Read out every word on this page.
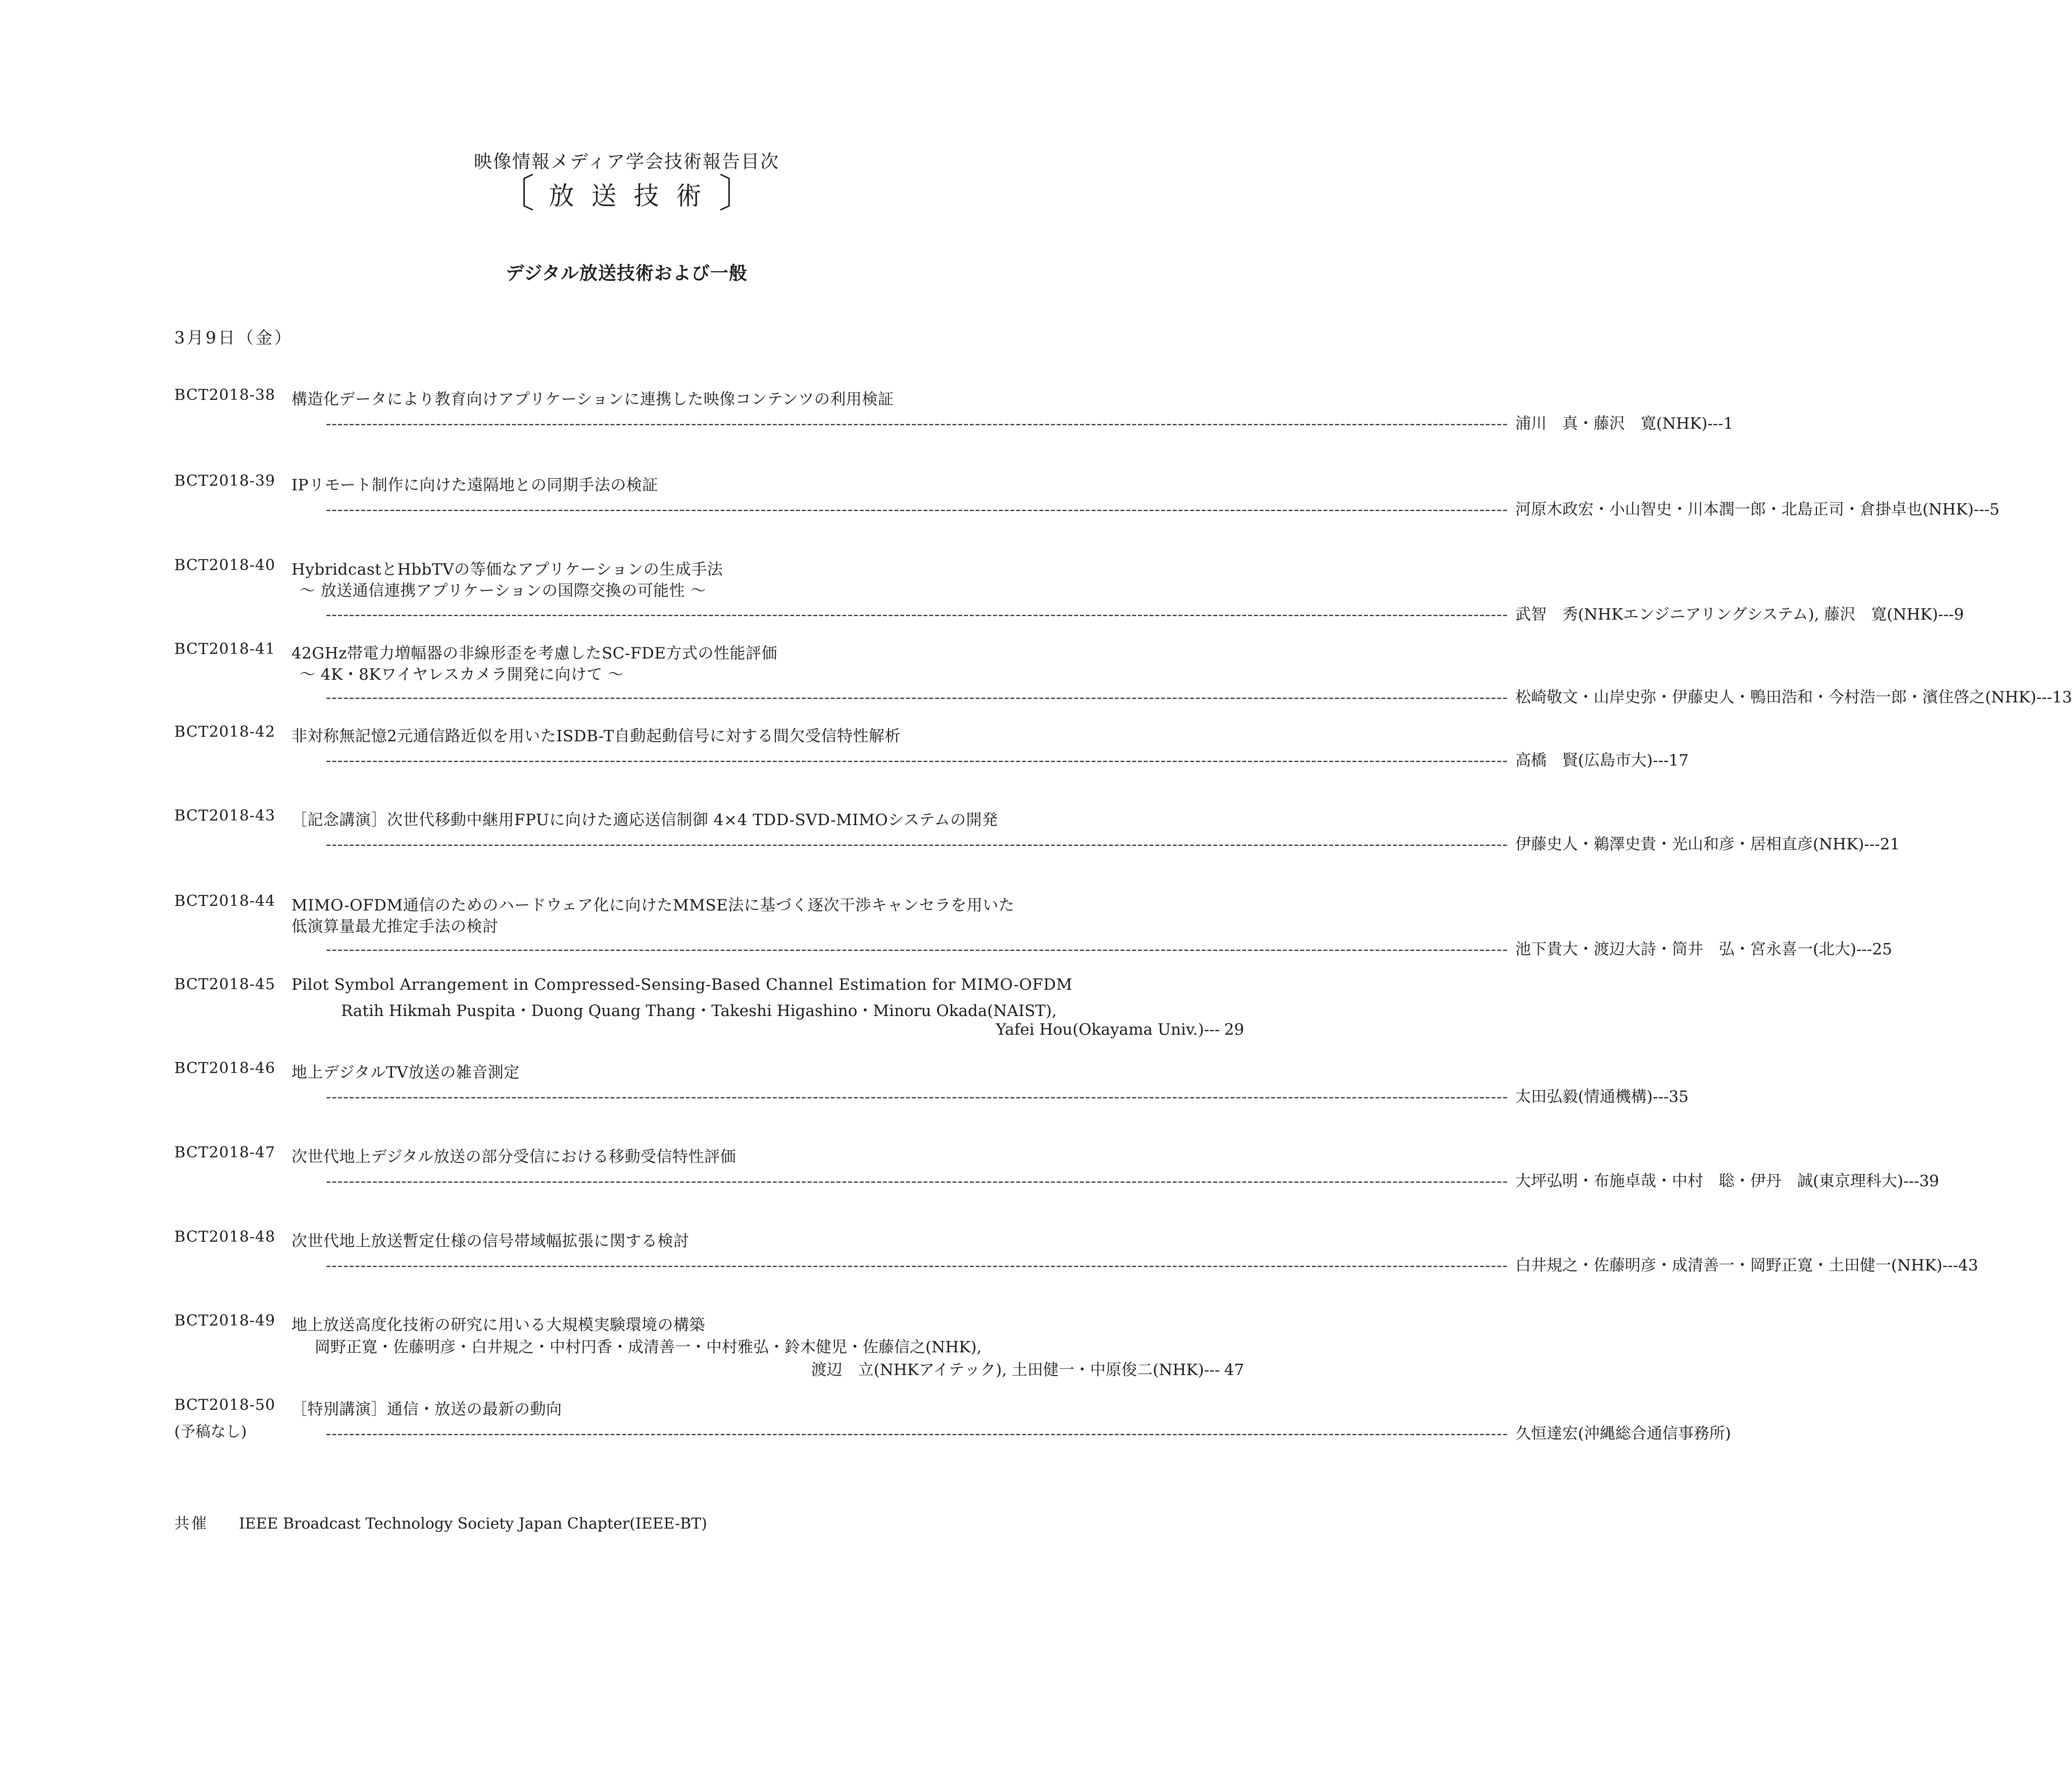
映像情報メディア学会技術報告目次
〔 放送技術〕
デジタル放送技術および一般
3月9日（金）
BCT2018-38 構造化データにより教育向けアプリケーションに連携した映像コンテンツの利用検証
------------------------------------------------------------------------------------------------------------------------------------------------------------------------------------------------------------ 浦川　真・藤沢　寛(NHK) --- 1
BCT2018-39 IPリモート制作に向けた遠隔地との同期手法の検証
------------------------------------------------------------------------------------------------------------------------------------------------------------------------------------------------------------ 河原木政宏・小山智史・川本潤一郎・北島正司・倉掛卓也(NHK) --- 5
BCT2018-40 HybridcastとHbbTVの等価なアプリケーションの生成手法
～ 放送通信連携アプリケーションの国際交換の可能性 ～
------------------------------------------------------------------------------------------------------------------------------------------------------------------------------------------------------------ 武智　秀(NHKエンジニアリングシステム), 藤沢　寛(NHK) --- 9
BCT2018-41 42GHz帯電力増幅器の非線形歪を考慮したSC-FDE方式の性能評価
～ 4K・8Kワイヤレスカメラ開発に向けて ～
------------------------------------------------------------------------------------------------------------------------------------------------------------------------------------------------------------ 松崎敬文・山岸史弥・伊藤史人・鴨田浩和・今村浩一郎・濱住啓之(NHK) --- 13
BCT2018-42 非対称無記憶2元通信路近似を用いたISDB-T自動起動信号に対する間欠受信特性解析
------------------------------------------------------------------------------------------------------------------------------------------------------------------------------------------------------------ 高橋　賢(広島市大) --- 17
BCT2018-43 ［記念講演］次世代移動中継用FPUに向けた適応送信制御 4×4 TDD-SVD-MIMOシステムの開発
------------------------------------------------------------------------------------------------------------------------------------------------------------------------------------------------------------ 伊藤史人・鵜澤史貴・光山和彦・居相直彦(NHK) --- 21
BCT2018-44 MIMO-OFDM通信のためのハードウェア化に向けたMMSE法に基づく逐次干渉キャンセラを用いた
低演算量最尤推定手法の検討
------------------------------------------------------------------------------------------------------------------------------------------------------------------------------------------------------------ 池下貴大・渡辺大詩・筒井　弘・宮永喜一(北大) --- 25
BCT2018-45 Pilot Symbol Arrangement in Compressed-Sensing-Based Channel Estimation for MIMO-OFDM
Ratih Hikmah Puspita・Duong Quang Thang・Takeshi Higashino・Minoru Okada(NAIST),
Yafei Hou(Okayama Univ.) --- 29
BCT2018-46 地上デジタルTV放送の雑音測定
------------------------------------------------------------------------------------------------------------------------------------------------------------------------------------------------------------ 太田弘毅(情通機構) --- 35
BCT2018-47 次世代地上デジタル放送の部分受信における移動受信特性評価
------------------------------------------------------------------------------------------------------------------------------------------------------------------------------------------------------------ 大坪弘明・布施卓哉・中村　聡・伊丹　誠(東京理科大) --- 39
BCT2018-48 次世代地上放送暫定仕様の信号帯域幅拡張に関する検討
------------------------------------------------------------------------------------------------------------------------------------------------------------------------------------------------------------ 白井規之・佐藤明彦・成清善一・岡野正寛・土田健一(NHK) --- 43
BCT2018-49 地上放送高度化技術の研究に用いる大規模実験環境の構築
岡野正寛・佐藤明彦・白井規之・中村円香・成清善一・中村雅弘・鈴木健児・佐藤信之(NHK),
渡辺　立(NHKアイテック), 土田健一・中原俊二(NHK) --- 47
BCT2018-50
(予稿なし)
［特別講演］通信・放送の最新の動向
------------------------------------------------------------------------------------------------------------------------------------------------------------------------------------------------------------ 久恒達宏(沖縄総合通信事務所)
共催 IEEE Broadcast Technology Society Japan Chapter(IEEE-BT)
